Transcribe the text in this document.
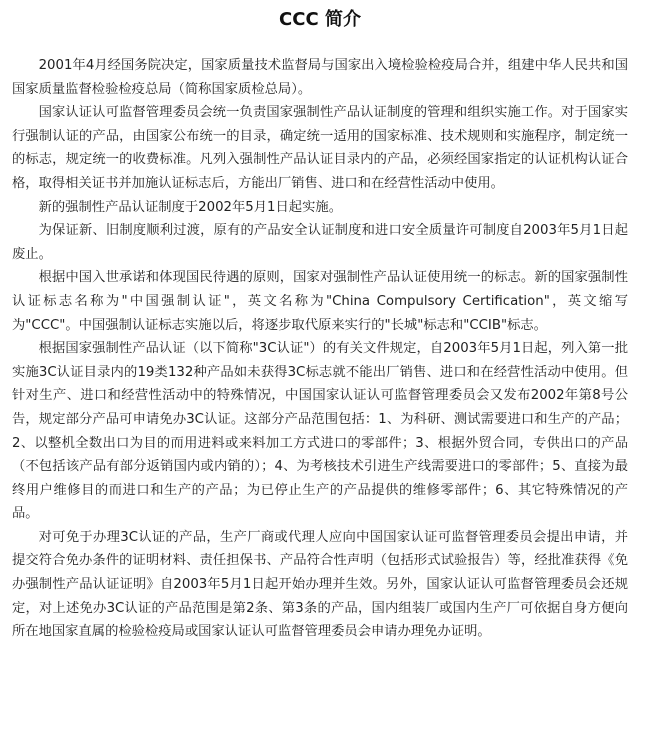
CCC 简介

2001年4月经国务院决定，国家质量技术监督局与国家出入境检验检疫局合并，组建中华人民共和国国家质量监督检验检疫总局（简称国家质检总局）。

国家认证认可监督管理委员会统一负责国家强制性产品认证制度的管理和组织实施工作。对于国家实行强制认证的产品，由国家公布统一的目录，确定统一适用的国家标准、技术规则和实施程序，制定统一的标志，规定统一的收费标准。凡列入强制性产品认证目录内的产品，必须经国家指定的认证机构认证合格，取得相关证书并加施认证标志后，方能出厂销售、进口和在经营性活动中使用。

新的强制性产品认证制度于2002年5月1日起实施。

为保证新、旧制度顺利过渡，原有的产品安全认证制度和进口安全质量许可制度自2003年5月1日起废止。

根据中国入世承诺和体现国民待遇的原则，国家对强制性产品认证使用统一的标志。新的国家强制性认证标志名称为"中国强制认证"，英文名称为"China Compulsory Certification"，英文缩写为"CCC"。中国强制认证标志实施以后，将逐步取代原来实行的"长城"标志和"CCIB"标志。

根据国家强制性产品认证（以下简称"3C认证"）的有关文件规定，自2003年5月1日起，列入第一批实施3C认证目录内的19类132种产品如未获得3C标志就不能出厂销售、进口和在经营性活动中使用。但针对生产、进口和经营性活动中的特殊情况，中国国家认证认可监督管理委员会又发布2002年第8号公告，规定部分产品可申请免办3C认证。这部分产品范围包括：1、为科研、测试需要进口和生产的产品；2、以整机全数出口为目的而用进料或来料加工方式进口的零部件；3、根据外贸合同，专供出口的产品（不包括该产品有部分返销国内或内销的）；4、为考核技术引进生产线需要进口的零部件；5、直接为最终用户维修目的而进口和生产的产品；为已停止生产的产品提供的维修零部件；6、其它特殊情况的产品。

对可免于办理3C认证的产品，生产厂商或代理人应向中国国家认证可监督管理委员会提出申请，并提交符合免办条件的证明材料、责任担保书、产品符合性声明（包括形式试验报告）等，经批准获得《免办强制性产品认证证明》自2003年5月1日起开始办理并生效。另外，国家认证认可监督管理委员会还规定，对上述免办3C认证的产品范围是第2条、第3条的产品，国内组装厂或国内生产厂可依据自身方便向所在地国家直属的检验检疫局或国家认证认可监督管理委员会申请办理免办证明。
